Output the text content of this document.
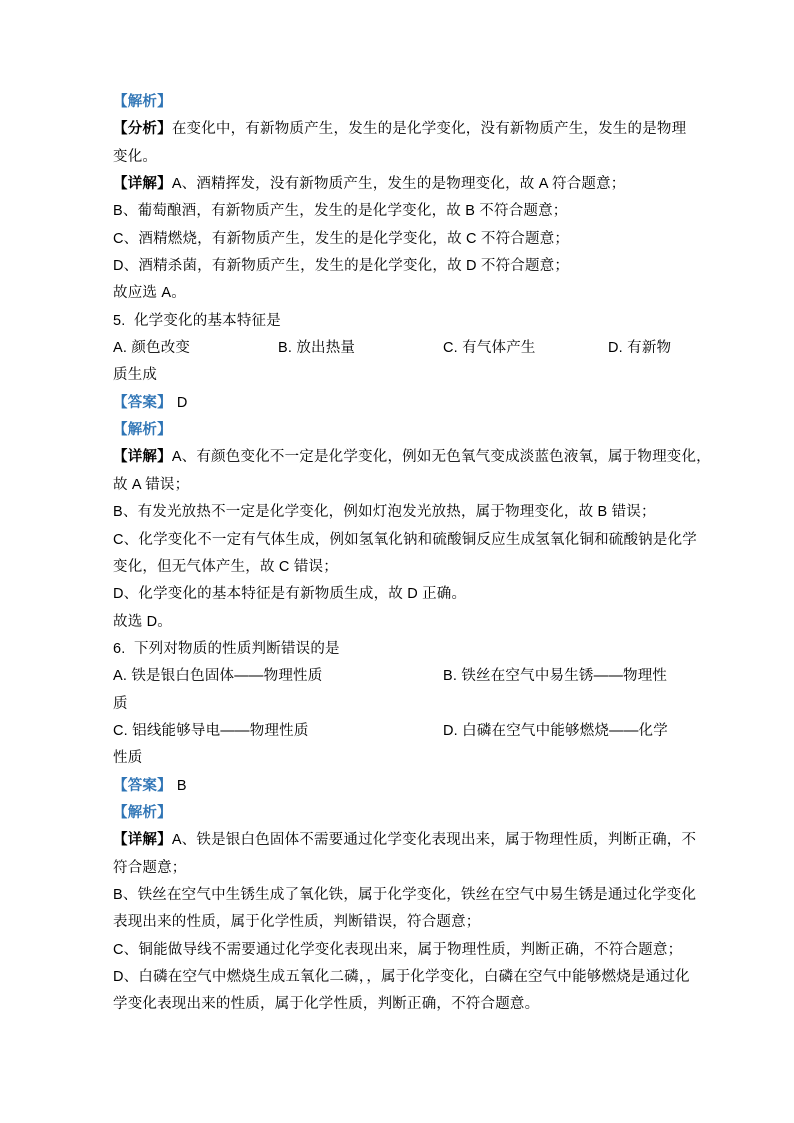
【解析】
【分析】在变化中，有新物质产生，发生的是化学变化，没有新物质产生，发生的是物理
变化。
【详解】A、酒精挥发，没有新物质产生，发生的是物理变化，故 A 符合题意；
B、葡萄酿酒，有新物质产生，发生的是化学变化，故 B 不符合题意；
C、酒精燃烧，有新物质产生，发生的是化学变化，故 C 不符合题意；
D、酒精杀菌，有新物质产生，发生的是化学变化，故 D 不符合题意；
故应选 A。
5.  化学变化的基本特征是

A. 颜色改变

	B. 放出热量

	C. 有气体产生

	D. 有新物

质生成
【答案】 D
【解析】
【详解】A、有颜色变化不一定是化学变化，例如无色氧气变成淡蓝色液氧，属于物理变化，
故 A 错误；
B、有发光放热不一定是化学变化，例如灯泡发光放热，属于物理变化，故 B 错误；
C、化学变化不一定有气体生成，例如氢氧化钠和硫酸铜反应生成氢氧化铜和硫酸钠是化学
变化，但无气体产生，故 C 错误；
D、化学变化的基本特征是有新物质生成，故 D 正确。
故选 D。
6.  下列对物质的性质判断错误的是

A. 铁是银白色固体——物理性质

	B. 铁丝在空气中易生锈——物理性

质

C. 铝线能够导电——物理性质

	D. 白磷在空气中能够燃烧——化学

性质
【答案】 B
【解析】
【详解】A、铁是银白色固体不需要通过化学变化表现出来，属于物理性质，判断正确，不
符合题意；
B、铁丝在空气中生锈生成了氧化铁，属于化学变化，铁丝在空气中易生锈是通过化学变化
表现出来的性质，属于化学性质，判断错误，符合题意；
C、铜能做导线不需要通过化学变化表现出来，属于物理性质，判断正确，不符合题意；
D、白磷在空气中燃烧生成五氧化二磷，，属于化学变化，白磷在空气中能够燃烧是通过化
学变化表现出来的性质，属于化学性质，判断正确，不符合题意。
